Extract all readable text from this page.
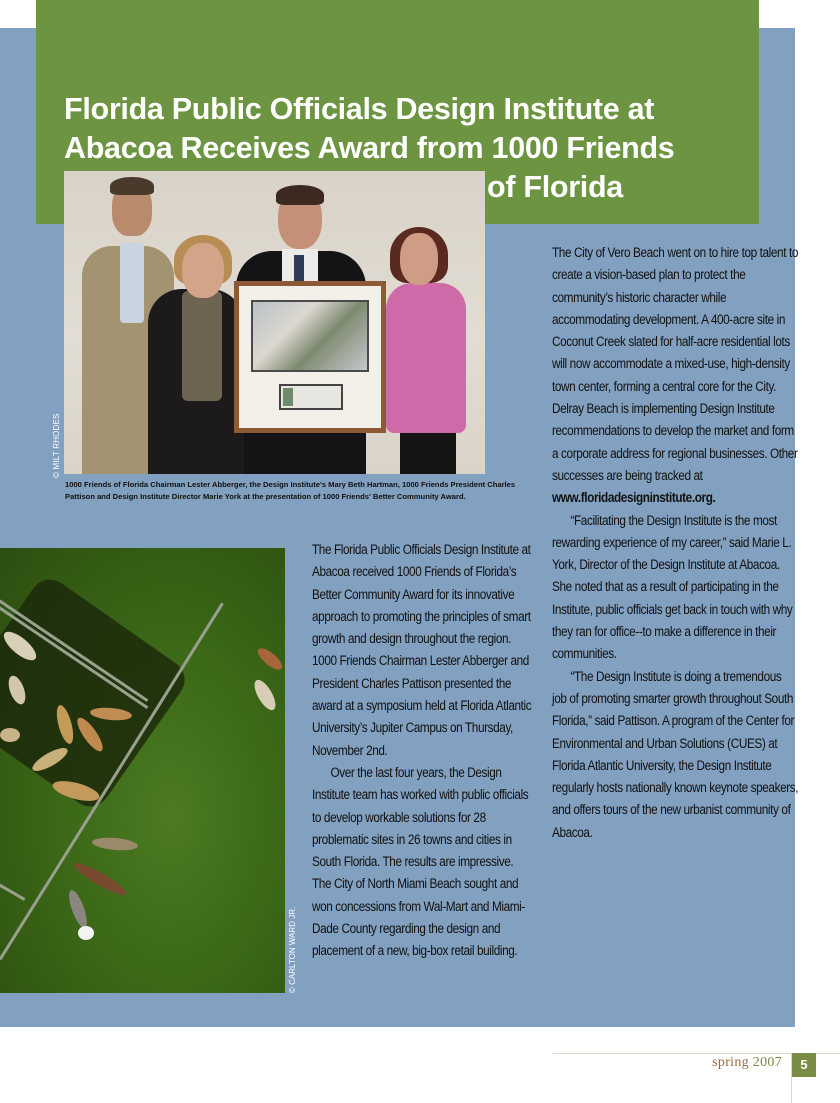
Florida Public Officials Design Institute at
Abacoa Receives Award from 1000 Friends
of Florida
© MILT RHODES

1000 Friends of Florida Chairman Lester Abberger, the Design Institute's Mary Beth Hartman, 1000 Friends President Charles Pattison and Design Institute Director Marie York at the presentation of 1000 Friends' Better Community Award.

© CARLTON WARD JR.

The Florida Public Officials Design Institute at Abacoa received 1000 Friends of Florida’s Better Community Award for its innovative approach to promoting the principles of smart growth and design throughout the region. 1000 Friends Chairman Lester Abberger and President Charles Pattison presented the award at a symposium held at Florida Atlantic University’s Jupiter Campus on Thursday, November 2nd.

Over the last four years, the Design Institute team has worked with public officials to develop workable solutions for 28 problematic sites in 26 towns and cities in South Florida. The results are impressive. The City of North Miami Beach sought and won concessions from Wal-Mart and Miami-Dade County regarding the design and placement of a new, big-box retail building.

The City of Vero Beach went on to hire top talent to create a vision-based plan to protect the community’s historic character while accommodating development. A 400-acre site in Coconut Creek slated for half-acre residential lots will now accommodate a mixed-use, high-density town center, forming a central core for the City. Delray Beach is implementing Design Institute recommendations to develop the market and form a corporate address for regional businesses. Other successes are being tracked at
www.floridadesigninstitute.org.

“Facilitating the Design Institute is the most rewarding experience of my career,” said Marie L. York, Director of the Design Institute at Abacoa. She noted that as a result of participating in the Institute, public officials get back in touch with why they ran for office--to make a difference in their communities.

“The Design Institute is doing a tremendous job of promoting smarter growth throughout South Florida,” said Pattison. A program of the Center for Environmental and Urban Solutions (CUES) at Florida Atlantic University, the Design Institute regularly hosts nationally known keynote speakers, and offers tours of the new urbanist community of Abacoa.

spring 2007	5
